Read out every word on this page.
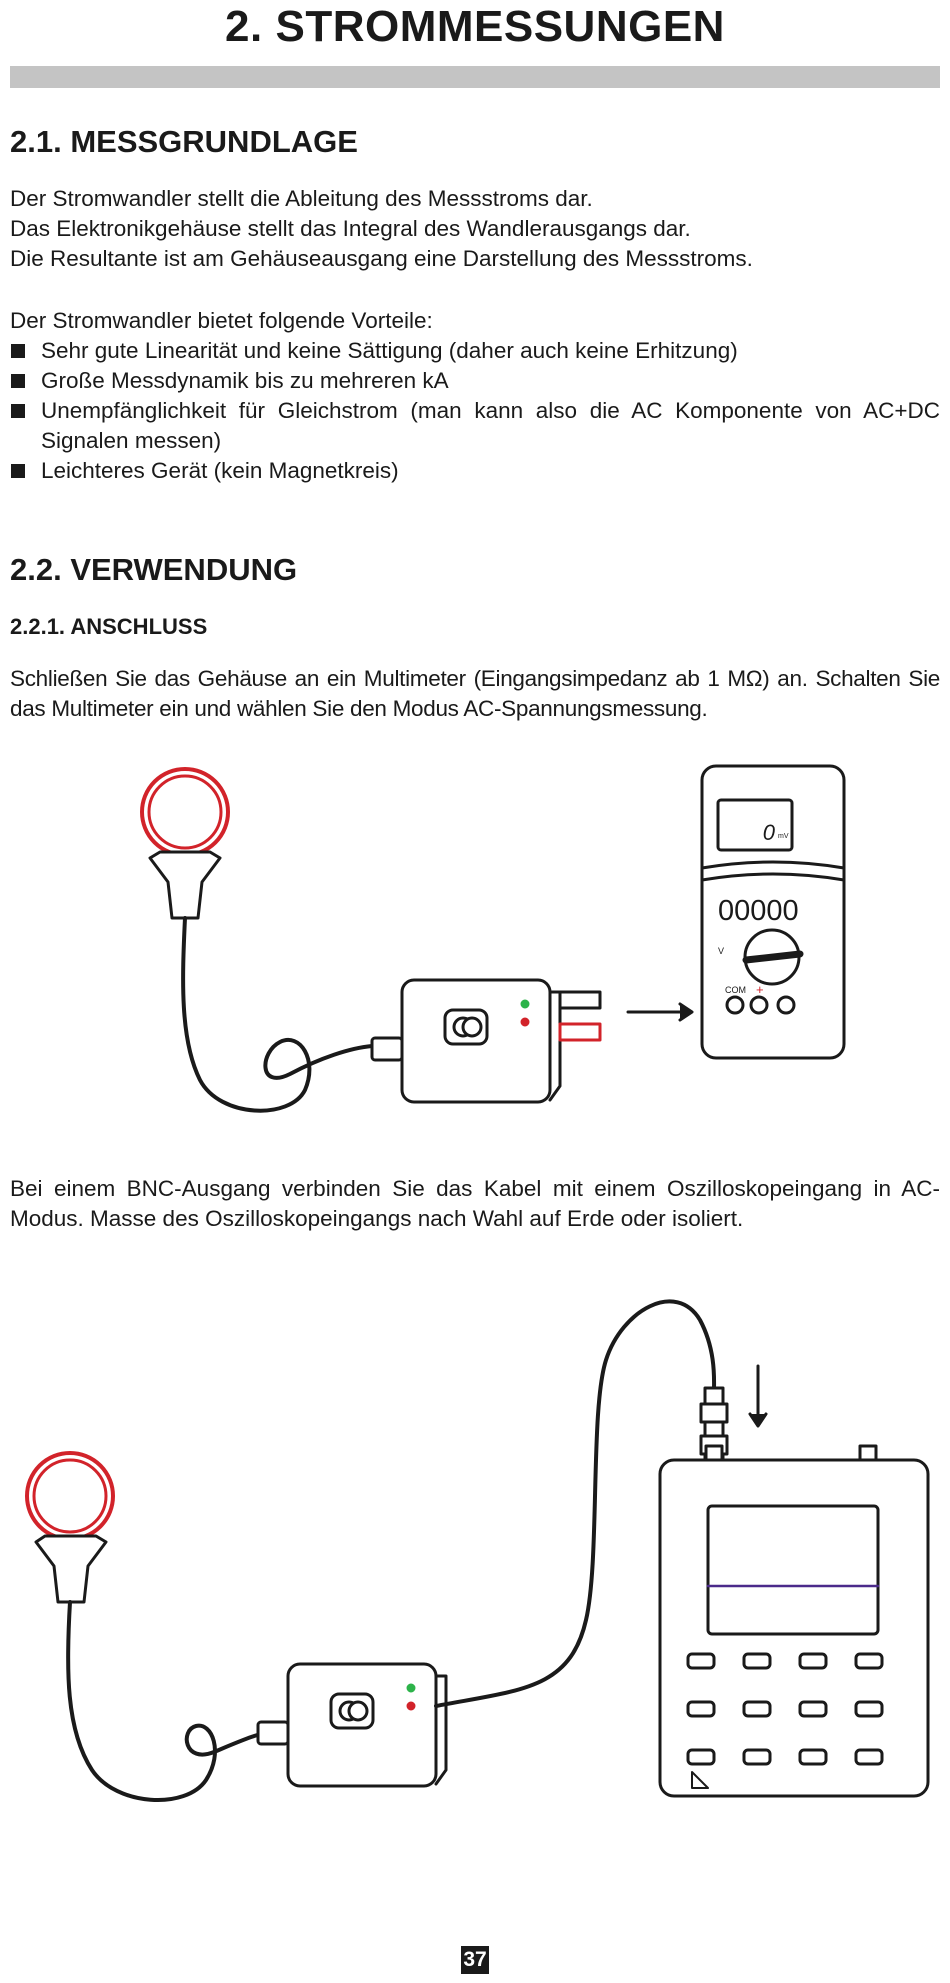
2. STROMMESSUNGEN
2.1. MESSGRUNDLAGE

Der Stromwandler stellt die Ableitung des Messstroms dar.

Das Elektronikgehäuse stellt das Integral des Wandlerausgangs dar.

Die Resultante ist am Gehäuseausgang eine Darstellung des Messstroms.

Der Stromwandler bietet folgende Vorteile:
Sehr gute Linearität und keine Sättigung (daher auch keine Erhitzung)
Große Messdynamik bis zu mehreren kA
Unempfänglichkeit für Gleichstrom (man kann also die AC Komponente von AC+DC Signalen messen)
Leichteres Gerät (kein Magnetkreis)
2.2. VERWENDUNG
2.2.1. ANSCHLUSS
Schließen Sie das Gehäuse an ein Multimeter (Eingangsimpedanz ab 1 MΩ) an. Schalten Sie das Multimeter ein und wählen Sie den Modus AC-Spannungsmessung.
0 mV
00000
V
COM +
Bei einem BNC-Ausgang verbinden Sie das Kabel mit einem Oszilloskopeingang in AC-Modus. Masse des Oszilloskopeingangs nach Wahl auf Erde oder isoliert.
37
